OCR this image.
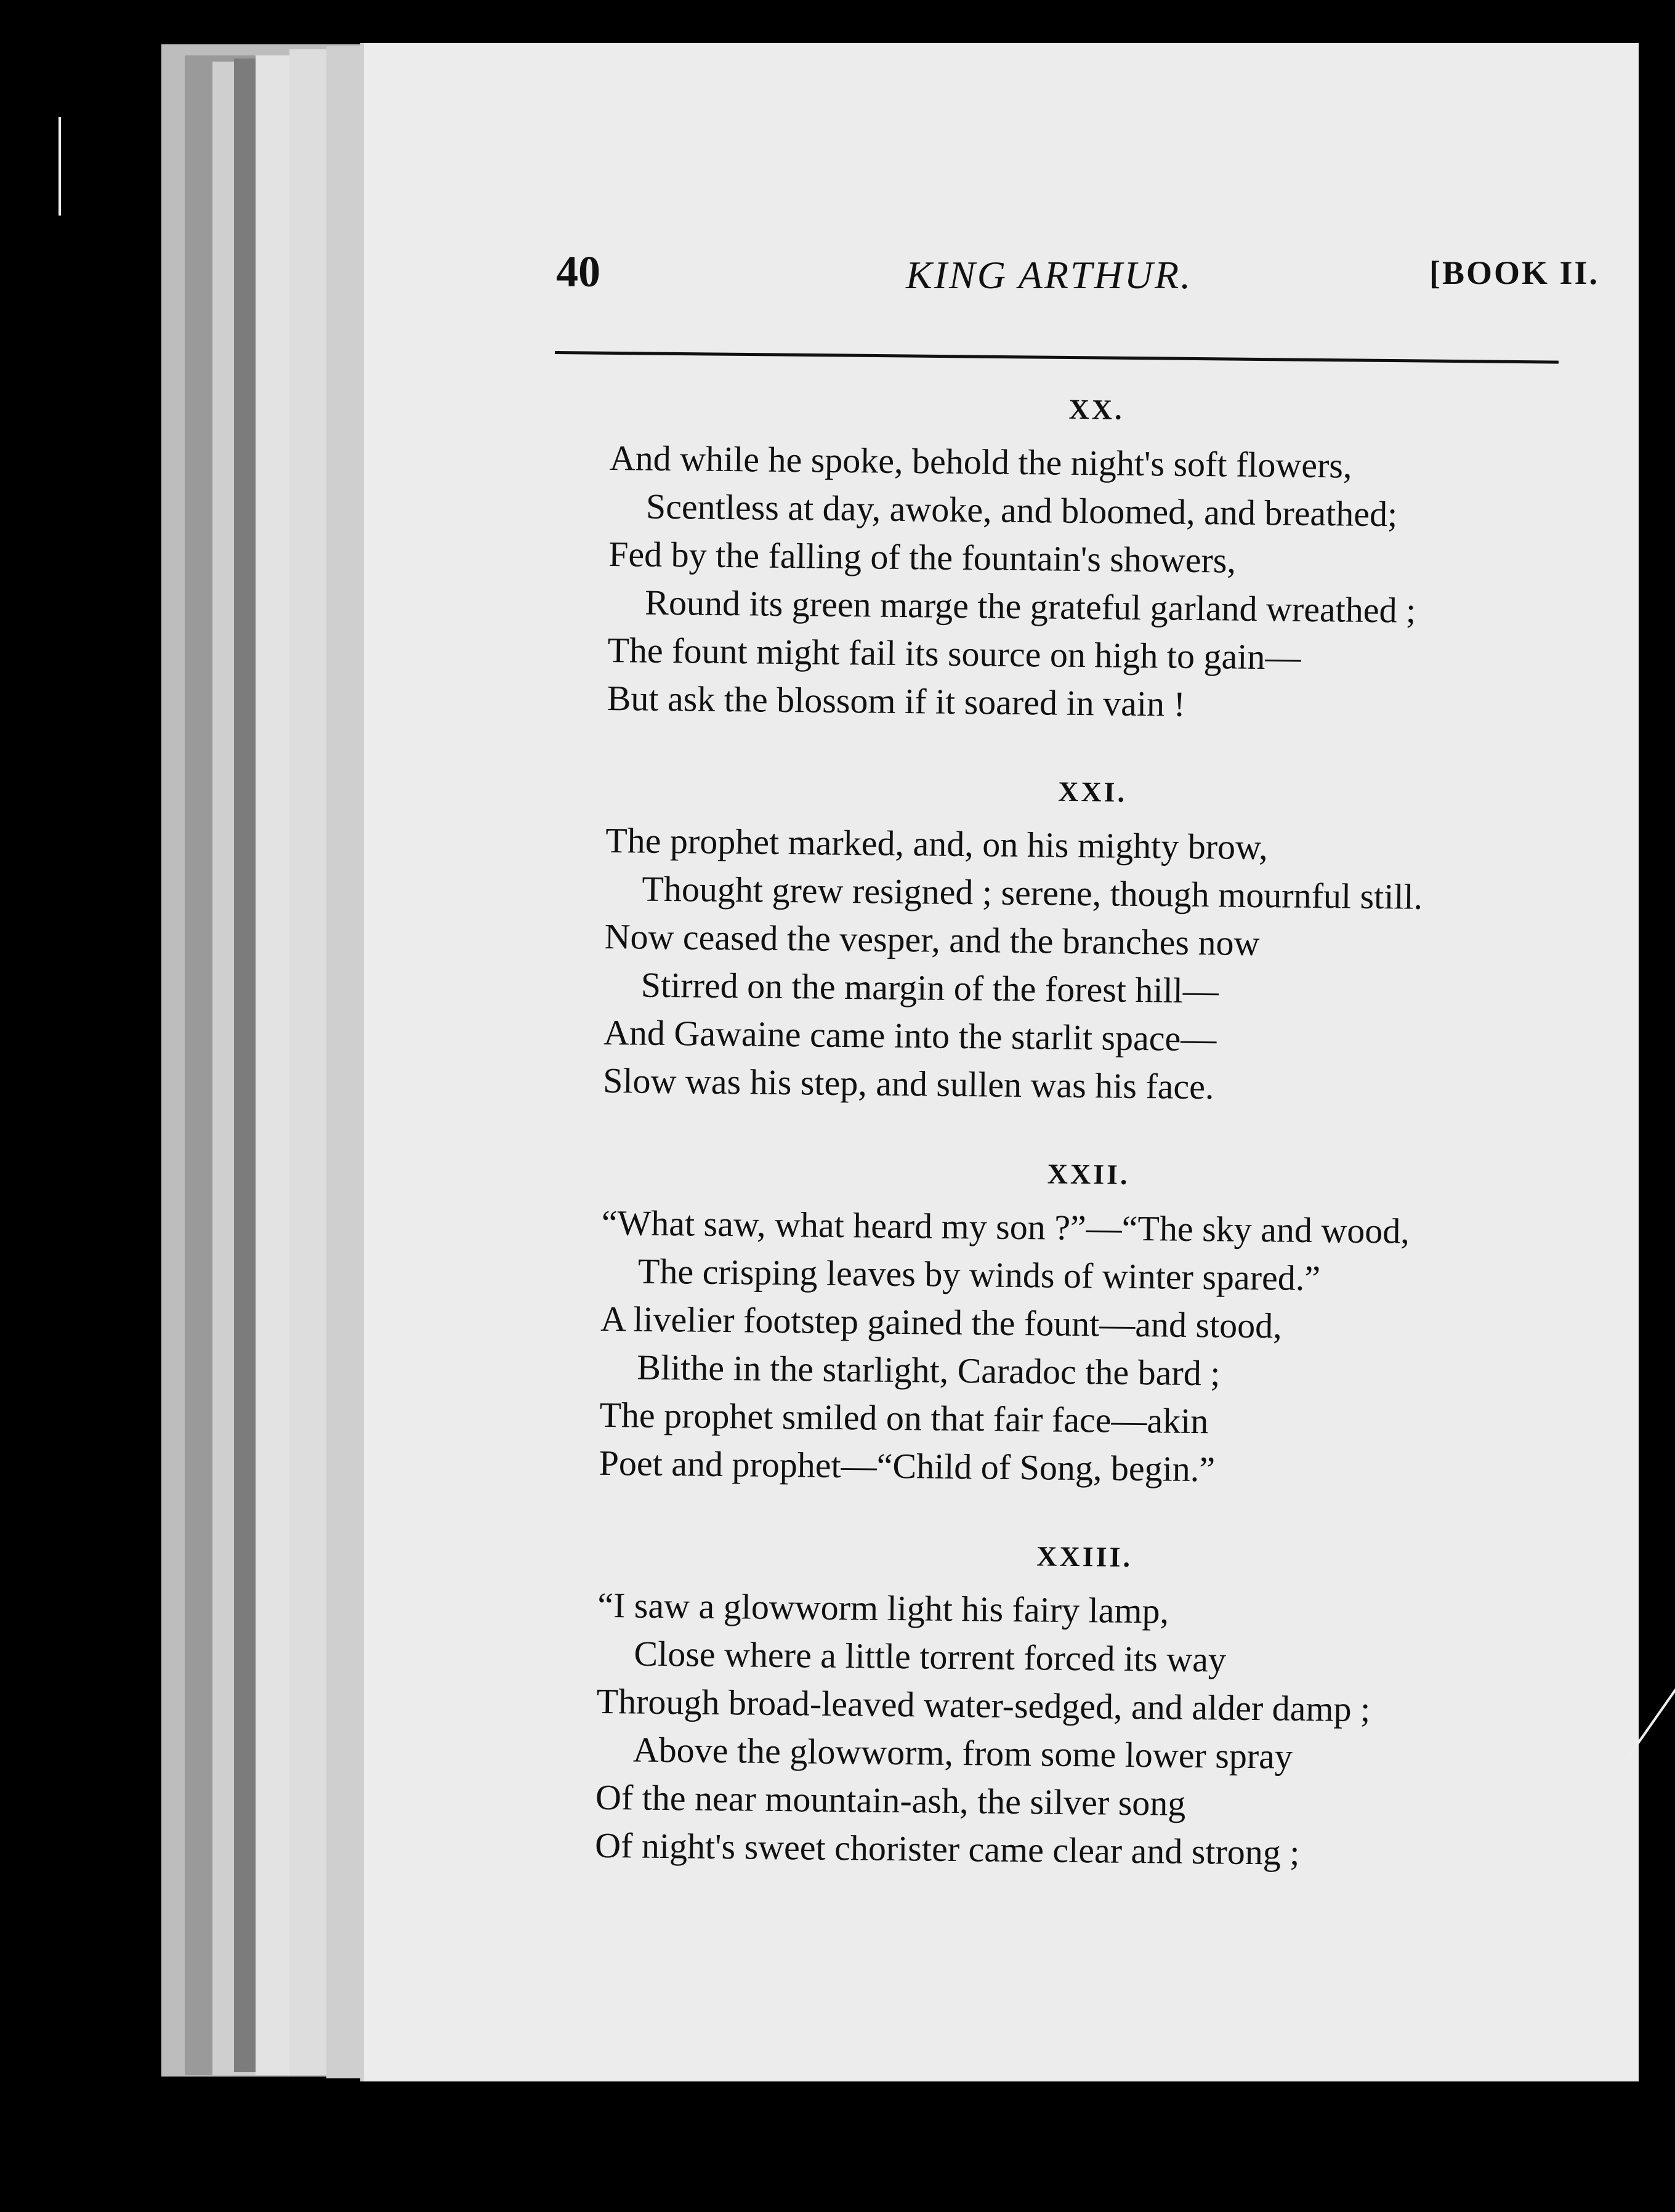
40	KING ARTHUR.	[BOOK II.
XX.
And while he spoke, behold the night's soft flowers,
Scentless at day, awoke, and bloomed, and breathed;
Fed by the falling of the fountain's showers,
Round its green marge the grateful garland wreathed ;
The fount might fail its source on high to gain—
But ask the blossom if it soared in vain !
XXI.
The prophet marked, and, on his mighty brow,
Thought grew resigned ; serene, though mournful still.
Now ceased the vesper, and the branches now
Stirred on the margin of the forest hill—
And Gawaine came into the starlit space—
Slow was his step, and sullen was his face.
XXII.
“What saw, what heard my son ?”—“The sky and wood,
The crisping leaves by winds of winter spared.”
A livelier footstep gained the fount—and stood,
Blithe in the starlight, Caradoc the bard ;
The prophet smiled on that fair face—akin
Poet and prophet—“Child of Song, begin.”
XXIII.
“I saw a glowworm light his fairy lamp,
Close where a little torrent forced its way
Through broad-leaved water-sedged, and alder damp ;
Above the glowworm, from some lower spray
Of the near mountain-ash, the silver song
Of night's sweet chorister came clear and strong ;
